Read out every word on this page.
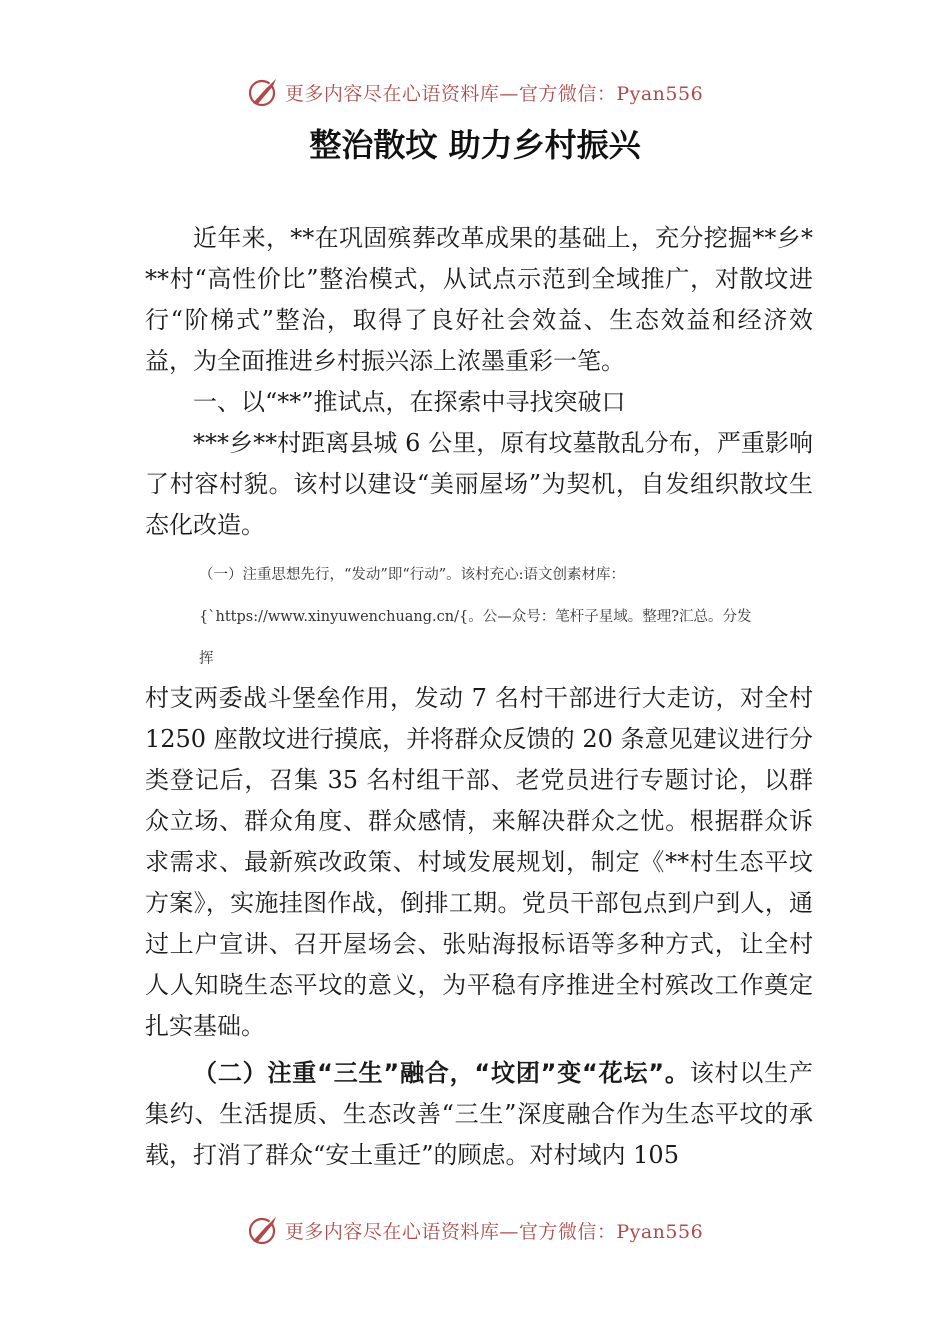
更多内容尽在心语资料库—官方微信：Pyan556
整治散坟 助力乡村振兴

近年来，**在巩固殡葬改革成果的基础上，充分挖掘**乡***村“高性价比”整治模式，从试点示范到全域推广，对散坟进行“阶梯式”整治，取得了良好社会效益、生态效益和经济效益，为全面推进乡村振兴添上浓墨重彩一笔。

一、以“**”推试点，在探索中寻找突破口

***乡**村距离县城 6 公里，原有坟墓散乱分布，严重影响了村容村貌。该村以建设“美丽屋场”为契机，自发组织散坟生态化改造。

（一）注重思想先行，“发动”即“行动”。该村充心:语文创素材库：

{`https://www.xinyuwenchuang.cn/{。公—众号：笔杆子星域。整理?汇总。分发

挥

村支两委战斗堡垒作用，发动 7 名村干部进行大走访，对全村 1250 座散坟进行摸底，并将群众反馈的 20 条意见建议进行分类登记后，召集 35 名村组干部、老党员进行专题讨论，以群众立场、群众角度、群众感情，来解决群众之忧。根据群众诉求需求、最新殡改政策、村域发展规划，制定《**村生态平坟方案》，实施挂图作战，倒排工期。党员干部包点到户到人，通过上户宣讲、召开屋场会、张贴海报标语等多种方式，让全村人人知晓生态平坟的意义，为平稳有序推进全村殡改工作奠定扎实基础。

（二）注重“三生”融合，“坟团”变“花坛”。该村以生产集约、生活提质、生态改善“三生”深度融合作为生态平坟的承载，打消了群众“安土重迁”的顾虑。对村域内 105

更多内容尽在心语资料库—官方微信：Pyan556
